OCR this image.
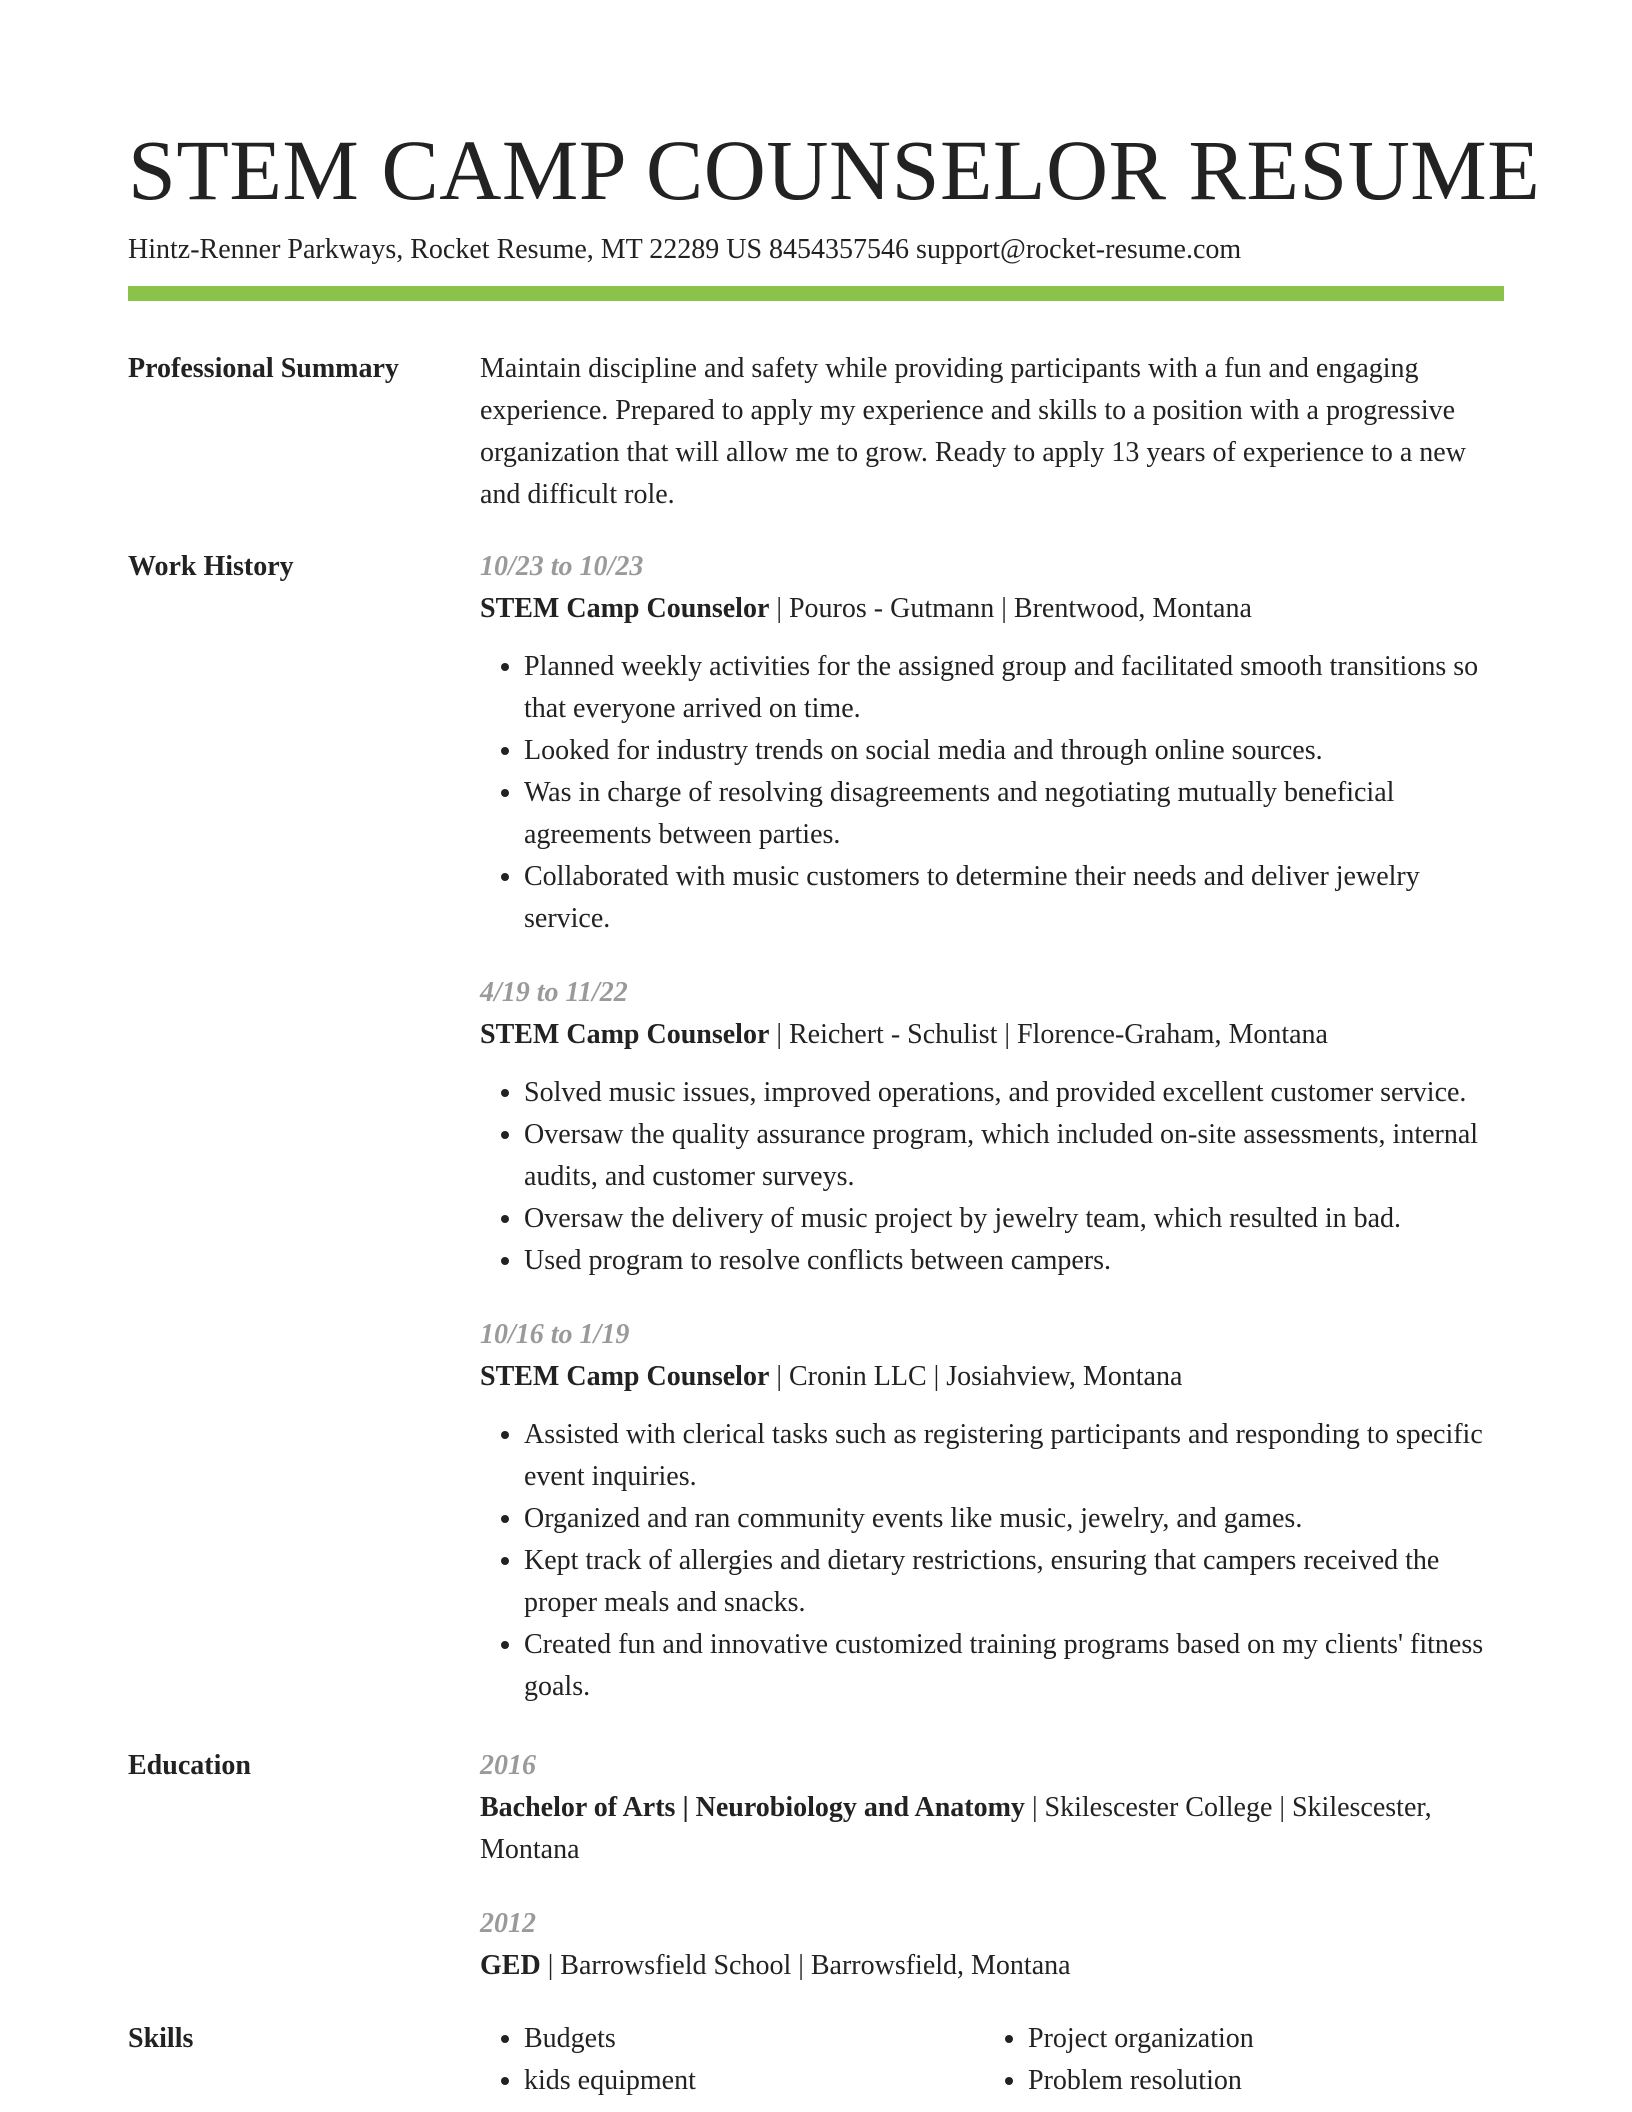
STEM CAMP COUNSELOR RESUME
Hintz-Renner Parkways, Rocket Resume, MT 22289 US 8454357546 support@rocket-resume.com
Professional Summary	Maintain discipline and safety while providing participants with a fun and engaging experience. Prepared to apply my experience and skills to a position with a progressive organization that will allow me to grow. Ready to apply 13 years of experience to a new and difficult role.

Work History	10/23 to 10/23
STEM Camp Counselor | Pouros - Gutmann | Brentwood, Montana
• Planned weekly activities for the assigned group and facilitated smooth transitions so that everyone arrived on time.
• Looked for industry trends on social media and through online sources.
• Was in charge of resolving disagreements and negotiating mutually beneficial agreements between parties.
• Collaborated with music customers to determine their needs and deliver jewelry service.
4/19 to 11/22
STEM Camp Counselor | Reichert - Schulist | Florence-Graham, Montana
• Solved music issues, improved operations, and provided excellent customer service.
• Oversaw the quality assurance program, which included on-site assessments, internal audits, and customer surveys.
• Oversaw the delivery of music project by jewelry team, which resulted in bad.
• Used program to resolve conflicts between campers.
10/16 to 1/19
STEM Camp Counselor | Cronin LLC | Josiahview, Montana
• Assisted with clerical tasks such as registering participants and responding to specific event inquiries.
• Organized and ran community events like music, jewelry, and games.
• Kept track of allergies and dietary restrictions, ensuring that campers received the proper meals and snacks.
• Created fun and innovative customized training programs based on my clients' fitness goals.
Education	2016

Bachelor of Arts | Neurobiology and Anatomy | Skilescester College | Skilescester, Montana

2012

GED | Barrowsfield School | Barrowsfield, Montana

Skills
•	Budgets
• kids equipment
• Project organization
• Problem resolution
